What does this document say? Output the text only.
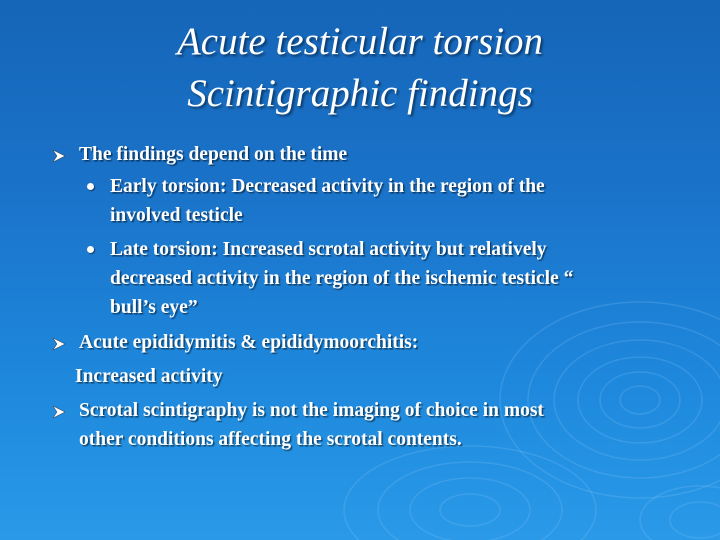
Acute testicular torsion
Scintigraphic findings
The findings depend on the time
Early torsion: Decreased activity in the region of the
involved testicle
Late torsion: Increased scrotal activity but relatively
decreased activity in the region of the ischemic testicle “
bull’s eye”
Acute epididymitis & epididymoorchitis:
Increased activity
Scrotal scintigraphy is not the imaging of choice in most
other conditions affecting the scrotal contents.
